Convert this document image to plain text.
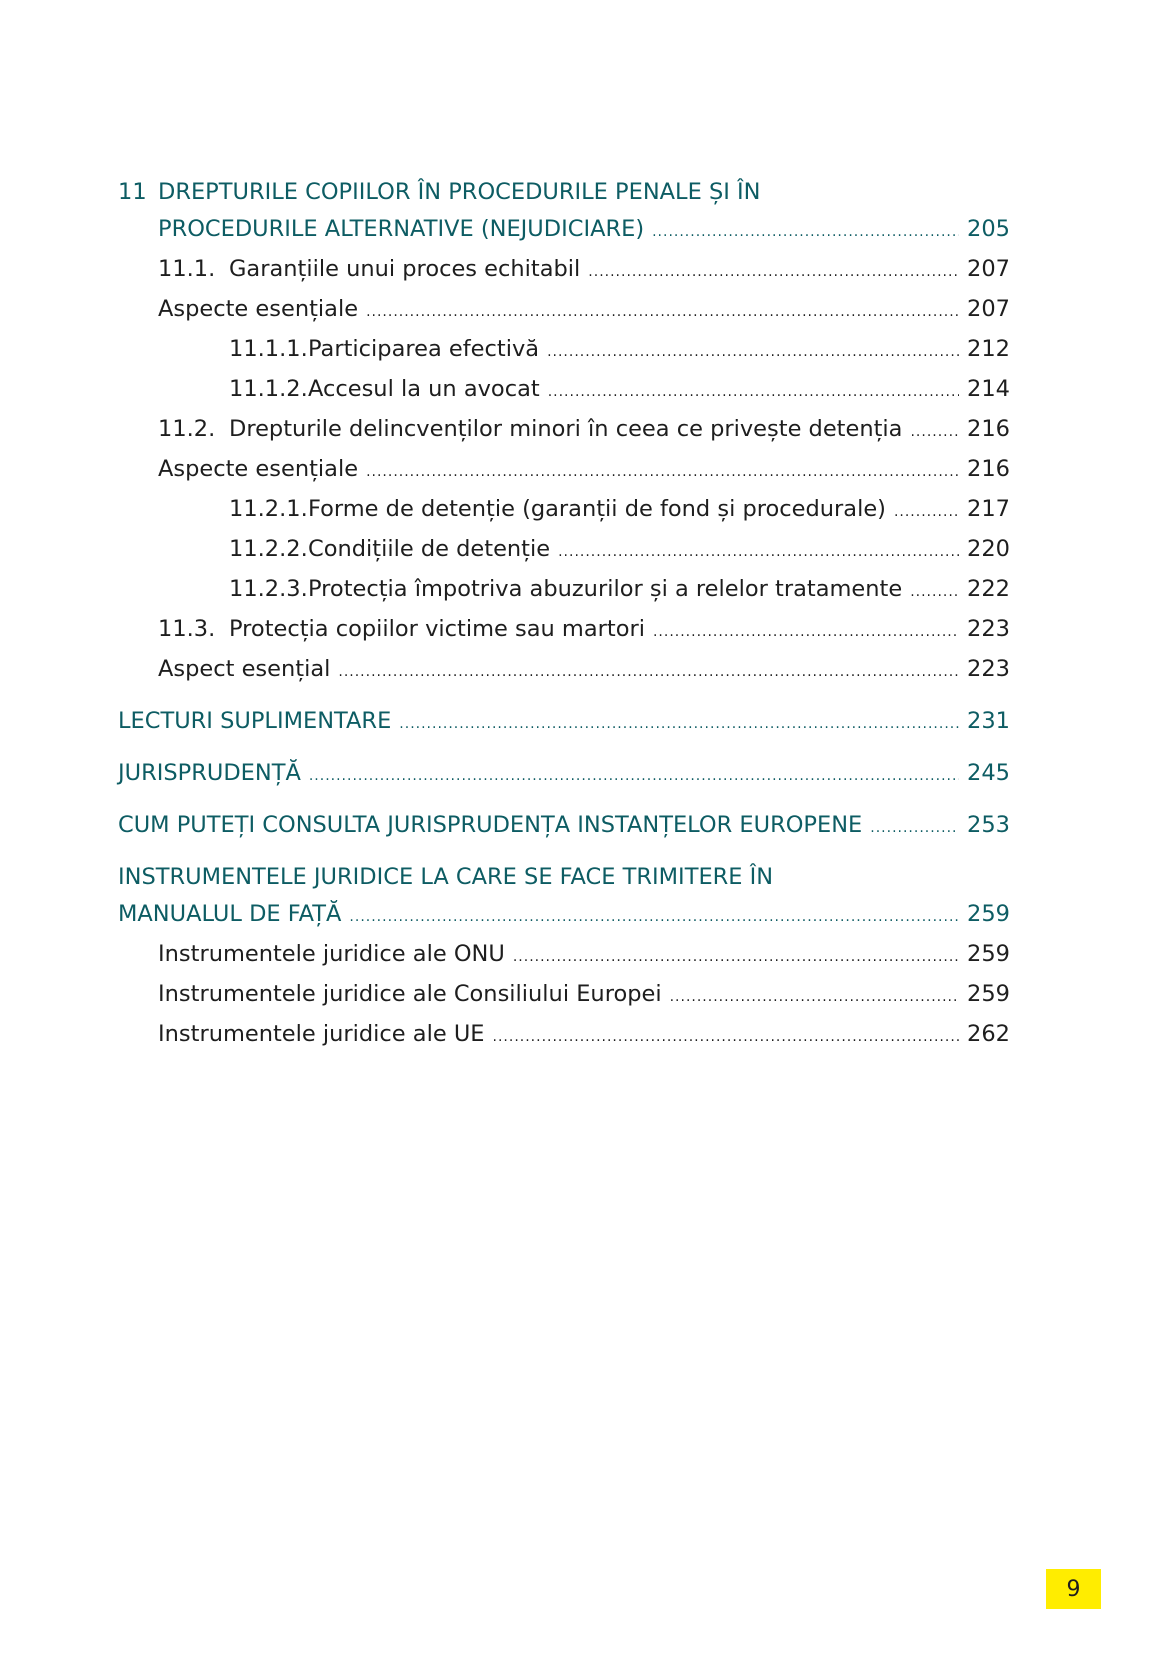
11 DREPTURILE COPIILOR ÎN PROCEDURILE PENALE ȘI ÎN
PROCEDURILE ALTERNATIVE (NEJUDICIARE) .....	205
11.1. Garanțiile unui proces echitabil .....	207
Aspecte esențiale .....	207
11.1.1. Participarea efectivă .....	212
11.1.2. Accesul la un avocat .....	214
11.2. Drepturile delincvenților minori în ceea ce privește detenția .....	216
Aspecte esențiale .....	216
11.2.1. Forme de detenție (garanții de fond și procedurale) .....	217
11.2.2. Condițiile de detenție .....	220
11.2.3. Protecția împotriva abuzurilor și a relelor tratamente .....	222
11.3. Protecția copiilor victime sau martori .....	223
Aspect esențial .....	223
LECTURI SUPLIMENTARE .....	231
JURISPRUDENȚĂ .....	245
CUM PUTEȚI CONSULTA JURISPRUDENȚA INSTANȚELOR EUROPENE .....	253
INSTRUMENTELE JURIDICE LA CARE SE FACE TRIMITERE ÎN
MANUALUL DE FAȚĂ .....	259
Instrumentele juridice ale ONU .....	259
Instrumentele juridice ale Consiliului Europei .....	259
Instrumentele juridice ale UE .....	262
9
